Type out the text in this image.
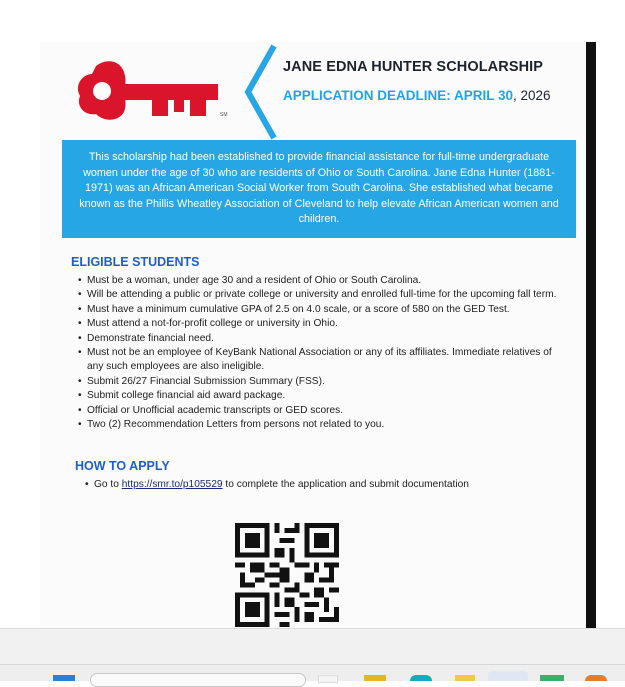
SM
JANE EDNA HUNTER SCHOLARSHIP
APPLICATION DEADLINE: APRIL 30, 2026
This scholarship had been established to provide financial assistance for full-time undergraduate women under the age of 30 who are residents of Ohio or South Carolina. Jane Edna Hunter (1881-1971) was an African American Social Worker from South Carolina. She established what became known as the Phillis Wheatley Association of Cleveland to help elevate African American women and children.
ELIGIBLE STUDENTS
• Must be a woman, under age 30 and a resident of Ohio or South Carolina.
• Will be attending a public or private college or university and enrolled full-time for the upcoming fall term.
• Must have a minimum cumulative GPA of 2.5 on 4.0 scale, or a score of 580 on the GED Test.
• Must attend a not-for-profit college or university in Ohio.
• Demonstrate financial need.
• Must not be an employee of KeyBank National Association or any of its affiliates. Immediate relatives of any such employees are also ineligible.
• Submit 26/27 Financial Submission Summary (FSS).
• Submit college financial aid award package.
• Official or Unofficial academic transcripts or GED scores.
• Two (2) Recommendation Letters from persons not related to you.
HOW TO APPLY
• Go to https://smr.to/p105529 to complete the application and submit documentation
